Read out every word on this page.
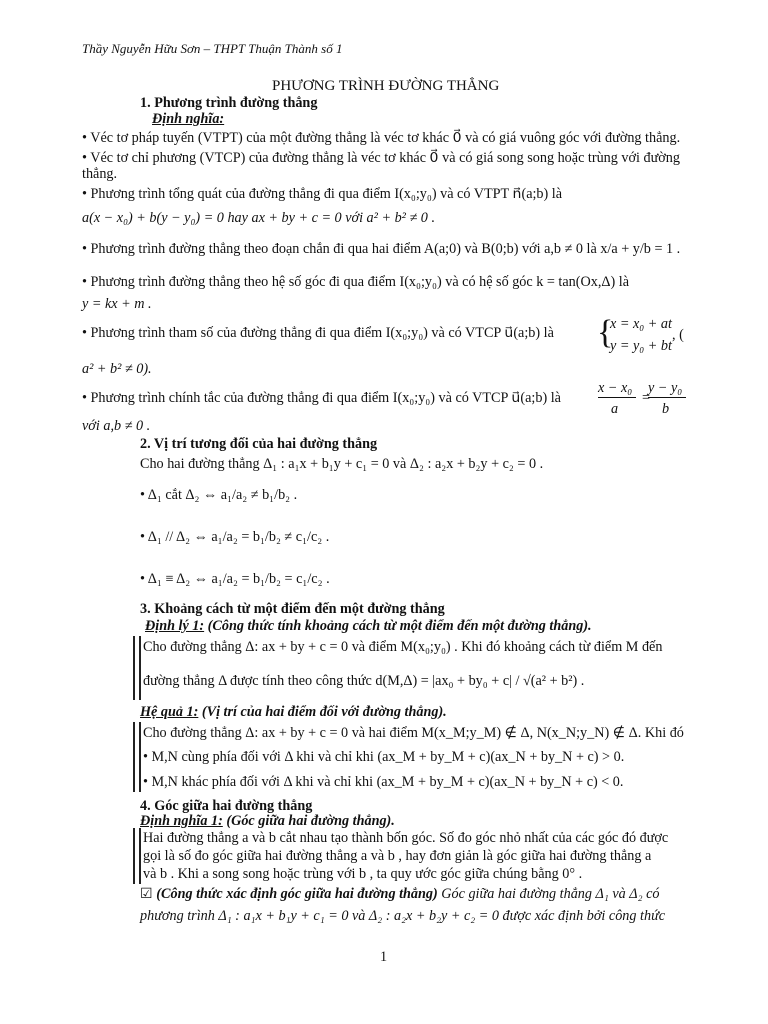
Thầy Nguyễn Hữu Sơn – THPT Thuận Thành số 1
PHƯƠNG TRÌNH ĐƯỜNG THẲNG
1. Phương trình đường thẳng
Định nghĩa:
• Véc tơ pháp tuyến (VTPT) của một đường thẳng là véc tơ khác 0⃗ và có giá vuông góc với đường thẳng.
• Véc tơ chỉ phương (VTCP) của đường thẳng là véc tơ khác 0⃗ và có giá song song hoặc trùng với đường
thẳng.
• Phương trình tổng quát của đường thẳng đi qua điểm I(x₀;y₀) và có VTPT n⃗(a;b) là
a(x − x₀) + b(y − y₀) = 0 hay ax + by + c = 0 với a² + b² ≠ 0 .
• Phương trình đường thẳng theo đoạn chắn đi qua hai điểm A(a;0) và B(0;b) với a,b ≠ 0 là x/a + y/b = 1 .
• Phương trình đường thẳng theo hệ số góc đi qua điểm I(x₀;y₀) và có hệ số góc k = tan(Ox,Δ) là
y = kx + m .
• Phương trình tham số của đường thẳng đi qua điểm I(x₀;y₀) và có VTCP u⃗(a;b) là {
x = x₀ + at
y = y₀ + bt
, (
a² + b² ≠ 0).
• Phương trình chính tắc của đường thẳng đi qua điểm I(x₀;y₀) và có VTCP u⃗(a;b) là
x − x₀
a
=
y − y₀
b
với a,b ≠ 0 .
2. Vị trí tương đối của hai đường thẳng
Cho hai đường thẳng Δ₁ : a₁x + b₁y + c₁ = 0 và Δ₂ : a₂x + b₂y + c₂ = 0 .
• Δ₁ cắt Δ₂ ⇔ a₁/a₂ ≠ b₁/b₂ .
• Δ₁ // Δ₂ ⇔ a₁/a₂ = b₁/b₂ ≠ c₁/c₂ .
• Δ₁ ≡ Δ₂ ⇔ a₁/a₂ = b₁/b₂ = c₁/c₂ .
3. Khoảng cách từ một điểm đến một đường thẳng
Định lý 1: (Công thức tính khoảng cách từ một điểm đến một đường thẳng).
Cho đường thẳng Δ: ax + by + c = 0 và điểm M(x₀;y₀) . Khi đó khoảng cách từ điểm M đến
đường thẳng Δ được tính theo công thức d(M,Δ) = |ax₀ + by₀ + c| / √(a² + b²) .
Hệ quả 1: (Vị trí của hai điểm đối với đường thẳng).
Cho đường thẳng Δ: ax + by + c = 0 và hai điểm M(x_M;y_M) ∉ Δ, N(x_N;y_N) ∉ Δ. Khi đó
• M,N cùng phía đối với Δ khi và chỉ khi (ax_M + by_M + c)(ax_N + by_N + c) > 0.
• M,N khác phía đối với Δ khi và chỉ khi (ax_M + by_M + c)(ax_N + by_N + c) < 0.
4. Góc giữa hai đường thẳng
Định nghĩa 1: (Góc giữa hai đường thẳng).
Hai đường thẳng a và b cắt nhau tạo thành bốn góc. Số đo góc nhỏ nhất của các góc đó được
gọi là số đo góc giữa hai đường thẳng a và b , hay đơn giản là góc giữa hai đường thẳng a
và b . Khi a song song hoặc trùng với b , ta quy ước góc giữa chúng bằng 0° .
☑ (Công thức xác định góc giữa hai đường thẳng) Góc giữa hai đường thẳng Δ₁ và Δ₂ có
phương trình Δ₁ : a₁x + b₁y + c₁ = 0 và Δ₂ : a₂x + b₂y + c₂ = 0 được xác định bởi công thức
1
